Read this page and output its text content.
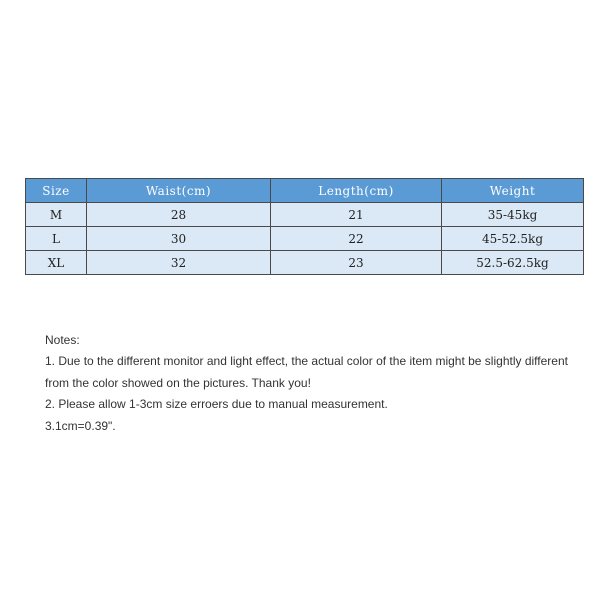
Size	Waist(cm)	Length(cm)	Weight
M	28	21	35-45kg
L	30	22	45-52.5kg
XL	32	23	52.5-62.5kg

Notes:

1. Due to the different monitor and light effect, the actual color of the item might be slightly different from the color showed on the pictures. Thank you!

2. Please allow 1-3cm size erroers due to manual measurement.

3.1cm=0.39".
